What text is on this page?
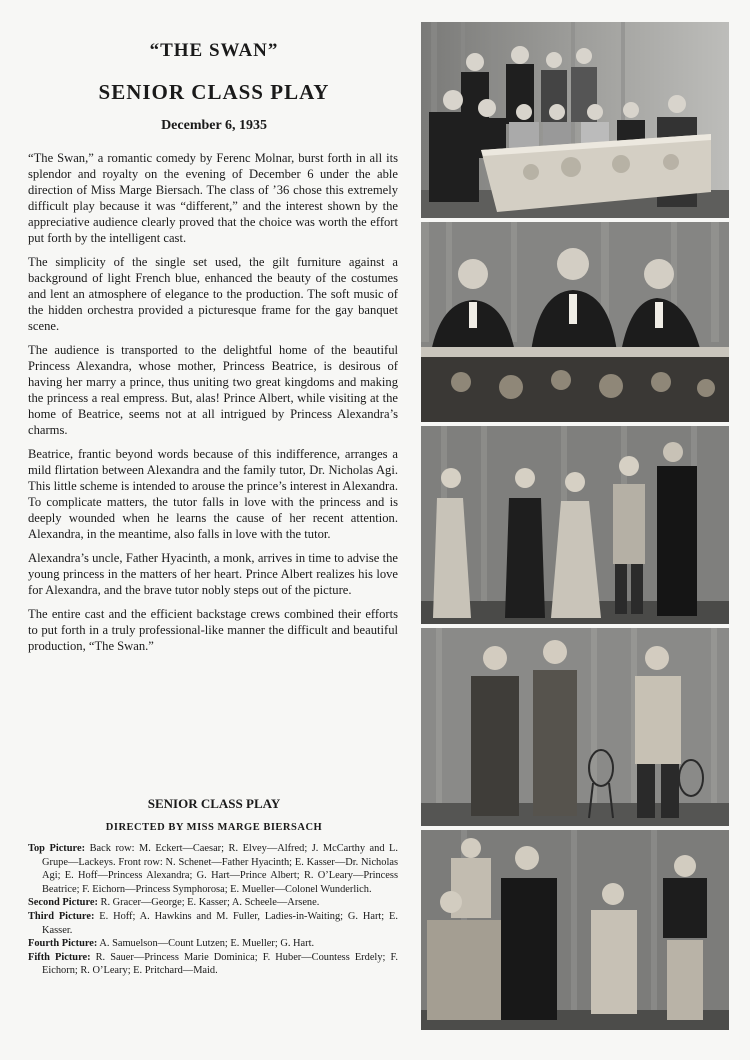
“THE SWAN”
SENIOR CLASS PLAY
December 6, 1935

“The Swan,” a romantic comedy by Ferenc Molnar, burst forth in all its splendor and royalty on the evening of December 6 under the able direction of Miss Marge Biersach. The class of ’36 chose this extremely difficult play because it was “different,” and the interest shown by the appreciative audience clearly proved that the choice was worth the effort put forth by the intelligent cast.

The simplicity of the single set used, the gilt furniture against a background of light French blue, enhanced the beauty of the costumes and lent an atmosphere of elegance to the production. The soft music of the hidden orchestra provided a picturesque frame for the gay banquet scene.

The audience is transported to the delightful home of the beautiful Princess Alexandra, whose mother, Princess Beatrice, is desirous of having her marry a prince, thus uniting two great kingdoms and making the princess a real empress. But, alas! Prince Albert, while visiting at the home of Beatrice, seems not at all intrigued by Princess Alexandra’s charms.

Beatrice, frantic beyond words because of this indifference, arranges a mild flirtation between Alexandra and the family tutor, Dr. Nicholas Agi. This little scheme is intended to arouse the prince’s interest in Alexandra. To complicate matters, the tutor falls in love with the princess and is deeply wounded when he learns the cause of her recent attention. Alexandra, in the meantime, also falls in love with the tutor.

Alexandra’s uncle, Father Hyacinth, a monk, arrives in time to advise the young princess in the matters of her heart. Prince Albert realizes his love for Alexandra, and the brave tutor nobly steps out of the picture.

The entire cast and the efficient backstage crews combined their efforts to put forth in a truly professional-like manner the difficult and beautiful production, “The Swan.”

SENIOR CLASS PLAY
DIRECTED BY MISS MARGE BIERSACH

Top Picture: Back row: M. Eckert—Caesar; R. Elvey—Alfred; J. McCarthy and L. Grupe—Lackeys. Front row: N. Schenet—Father Hyacinth; E. Kasser—Dr. Nicholas Agi; E. Hoff—Princess Alexandra; G. Hart—Prince Albert; R. O’Leary—Princess Beatrice; F. Eichorn—Princess Symphorosa; E. Mueller—Colonel Wunderlich.

Second Picture: R. Gracer—George; E. Kasser; A. Scheele—Arsene.

Third Picture: E. Hoff; A. Hawkins and M. Fuller, Ladies-in-Waiting; G. Hart; E. Kasser.

Fourth Picture: A. Samuelson—Count Lutzen; E. Mueller; G. Hart.

Fifth Picture: R. Sauer—Princess Marie Dominica; F. Huber—Countess Erdely; F. Eichorn; R. O’Leary; E. Pritchard—Maid.
